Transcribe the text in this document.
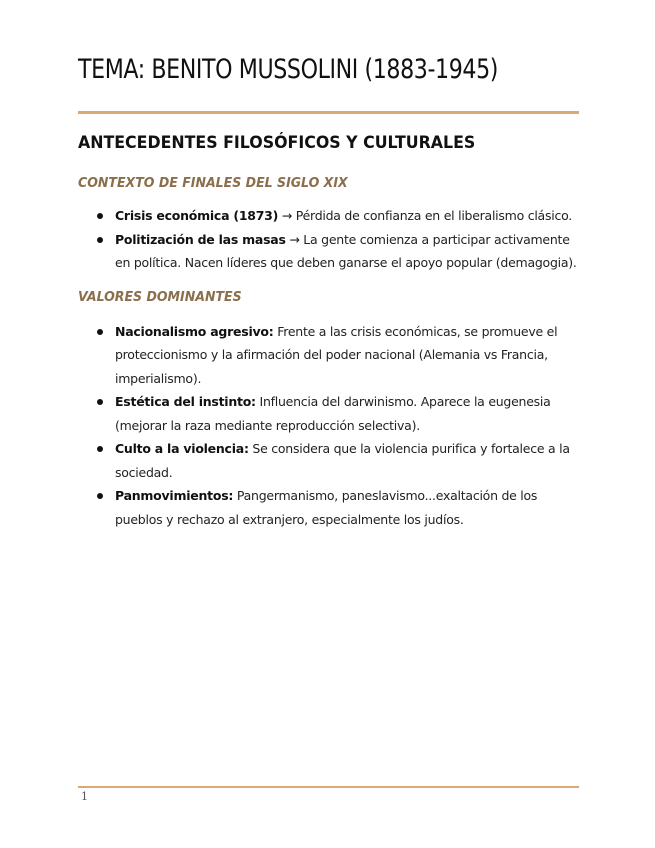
TEMA: BENITO MUSSOLINI (1883-1945)
ANTECEDENTES FILOSÓFICOS Y CULTURALES
CONTEXTO DE FINALES DEL SIGLO XIX
Crisis económica (1873) → Pérdida de confianza en el liberalismo clásico.
Politización de las masas → La gente comienza a participar activamente en política. Nacen líderes que deben ganarse el apoyo popular (demagogia).
VALORES DOMINANTES
Nacionalismo agresivo: Frente a las crisis económicas, se promueve el proteccionismo y la afirmación del poder nacional (Alemania vs Francia, imperialismo).
Estética del instinto: Influencia del darwinismo. Aparece la eugenesia (mejorar la raza mediante reproducción selectiva).
Culto a la violencia: Se considera que la violencia purifica y fortalece a la sociedad.
Panmovimientos: Pangermanismo, paneslavismo...exaltación de los pueblos y rechazo al extranjero, especialmente los judíos.
1
